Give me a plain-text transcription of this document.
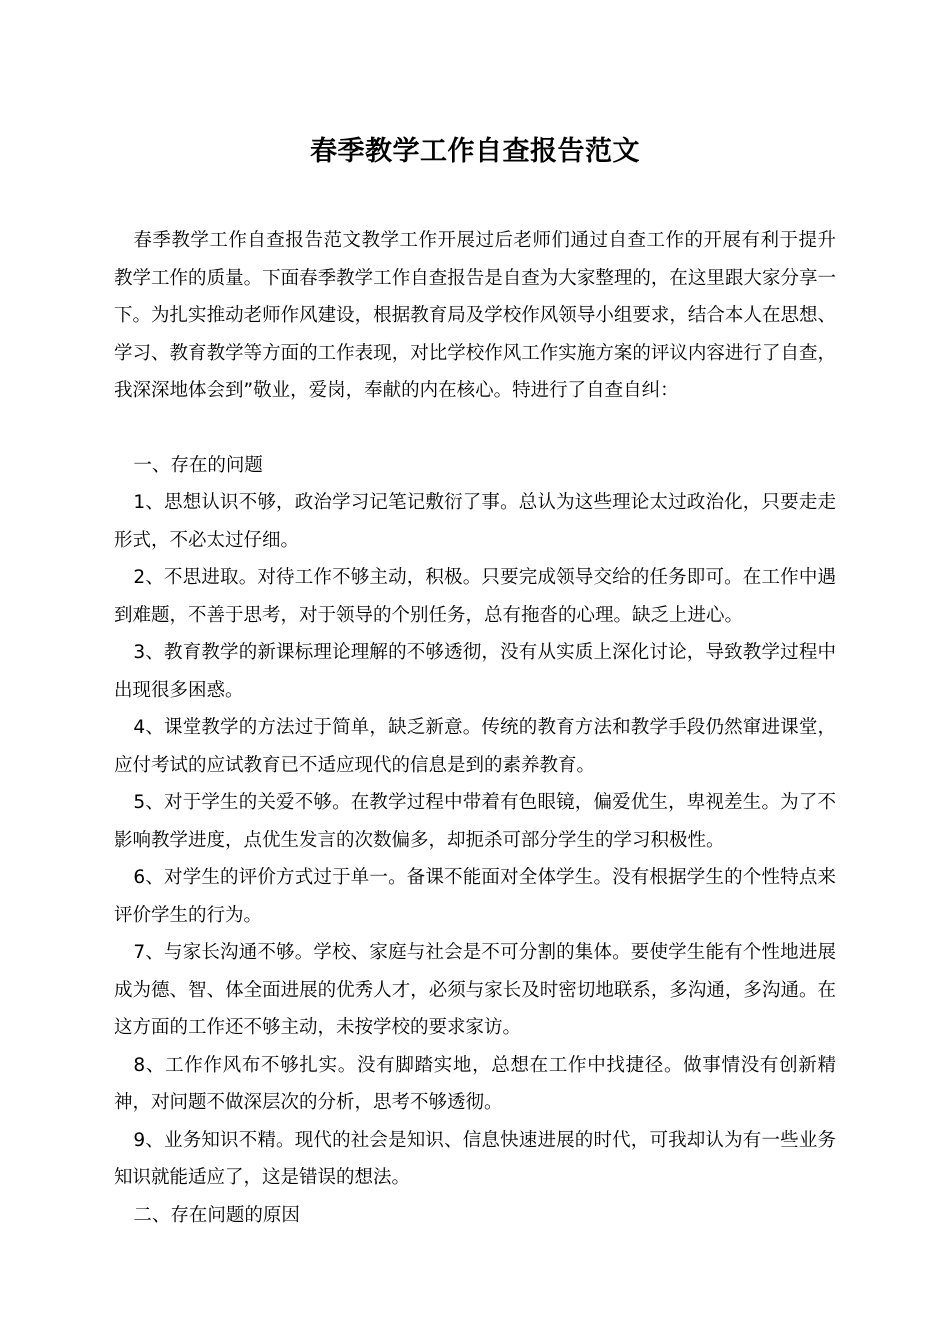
春季教学工作自查报告范文

春季教学工作自查报告范文教学工作开展过后老师们通过自查工作的开展有利于提升教学工作的质量。下面春季教学工作自查报告是自查为大家整理的，在这里跟大家分享一下。为扎实推动老师作风建设，根据教育局及学校作风领导小组要求，结合本人在思想、学习、教育教学等方面的工作表现，对比学校作风工作实施方案的评议内容进行了自查，我深深地体会到”敬业，爱岗，奉献的内在核心。特进行了自查自纠：

一、存在的问题

1、思想认识不够，政治学习记笔记敷衍了事。总认为这些理论太过政治化，只要走走形式，不必太过仔细。

2、不思进取。对待工作不够主动，积极。只要完成领导交给的任务即可。在工作中遇到难题，不善于思考，对于领导的个别任务，总有拖沓的心理。缺乏上进心。

3、教育教学的新课标理论理解的不够透彻，没有从实质上深化讨论，导致教学过程中出现很多困惑。

4、课堂教学的方法过于简单，缺乏新意。传统的教育方法和教学手段仍然窜进课堂，应付考试的应试教育已不适应现代的信息是到的素养教育。

5、对于学生的关爱不够。在教学过程中带着有色眼镜，偏爱优生，卑视差生。为了不影响教学进度，点优生发言的次数偏多，却扼杀可部分学生的学习积极性。

6、对学生的评价方式过于单一。备课不能面对全体学生。没有根据学生的个性特点来评价学生的行为。

7、与家长沟通不够。学校、家庭与社会是不可分割的集体。要使学生能有个性地进展成为德、智、体全面进展的优秀人才，必须与家长及时密切地联系，多沟通，多沟通。在这方面的工作还不够主动，未按学校的要求家访。

8、工作作风布不够扎实。没有脚踏实地，总想在工作中找捷径。做事情没有创新精神，对问题不做深层次的分析，思考不够透彻。

9、业务知识不精。现代的社会是知识、信息快速进展的时代，可我却认为有一些业务知识就能适应了，这是错误的想法。

二、存在问题的原因
